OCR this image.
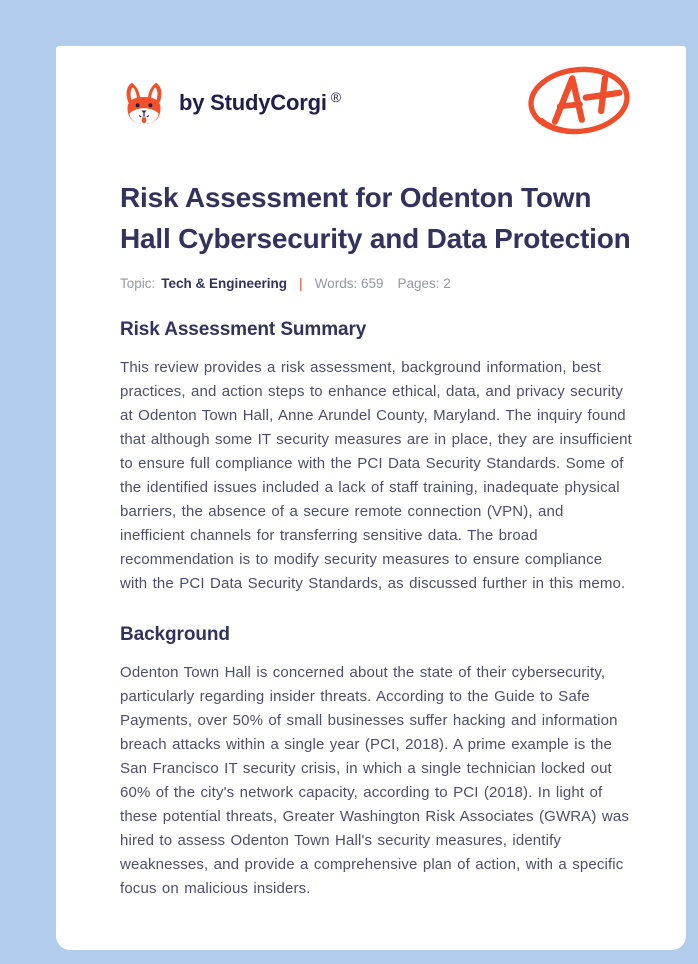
by StudyCorgi ®
Risk Assessment for Odenton Town Hall Cybersecurity and Data Protection
Topic: Tech & Engineering | Words: 659 Pages: 2
Risk Assessment Summary

This review provides a risk assessment, background information, best practices, and action steps to enhance ethical, data, and privacy security at Odenton Town Hall, Anne Arundel County, Maryland. The inquiry found that although some IT security measures are in place, they are insufficient to ensure full compliance with the PCI Data Security Standards. Some of the identified issues included a lack of staff training, inadequate physical barriers, the absence of a secure remote connection (VPN), and inefficient channels for transferring sensitive data. The broad recommendation is to modify security measures to ensure compliance with the PCI Data Security Standards, as discussed further in this memo.

Background

Odenton Town Hall is concerned about the state of their cybersecurity, particularly regarding insider threats. According to the Guide to Safe Payments, over 50% of small businesses suffer hacking and information breach attacks within a single year (PCI, 2018). A prime example is the San Francisco IT security crisis, in which a single technician locked out 60% of the city's network capacity, according to PCI (2018). In light of these potential threats, Greater Washington Risk Associates (GWRA) was hired to assess Odenton Town Hall's security measures, identify weaknesses, and provide a comprehensive plan of action, with a specific focus on malicious insiders.
